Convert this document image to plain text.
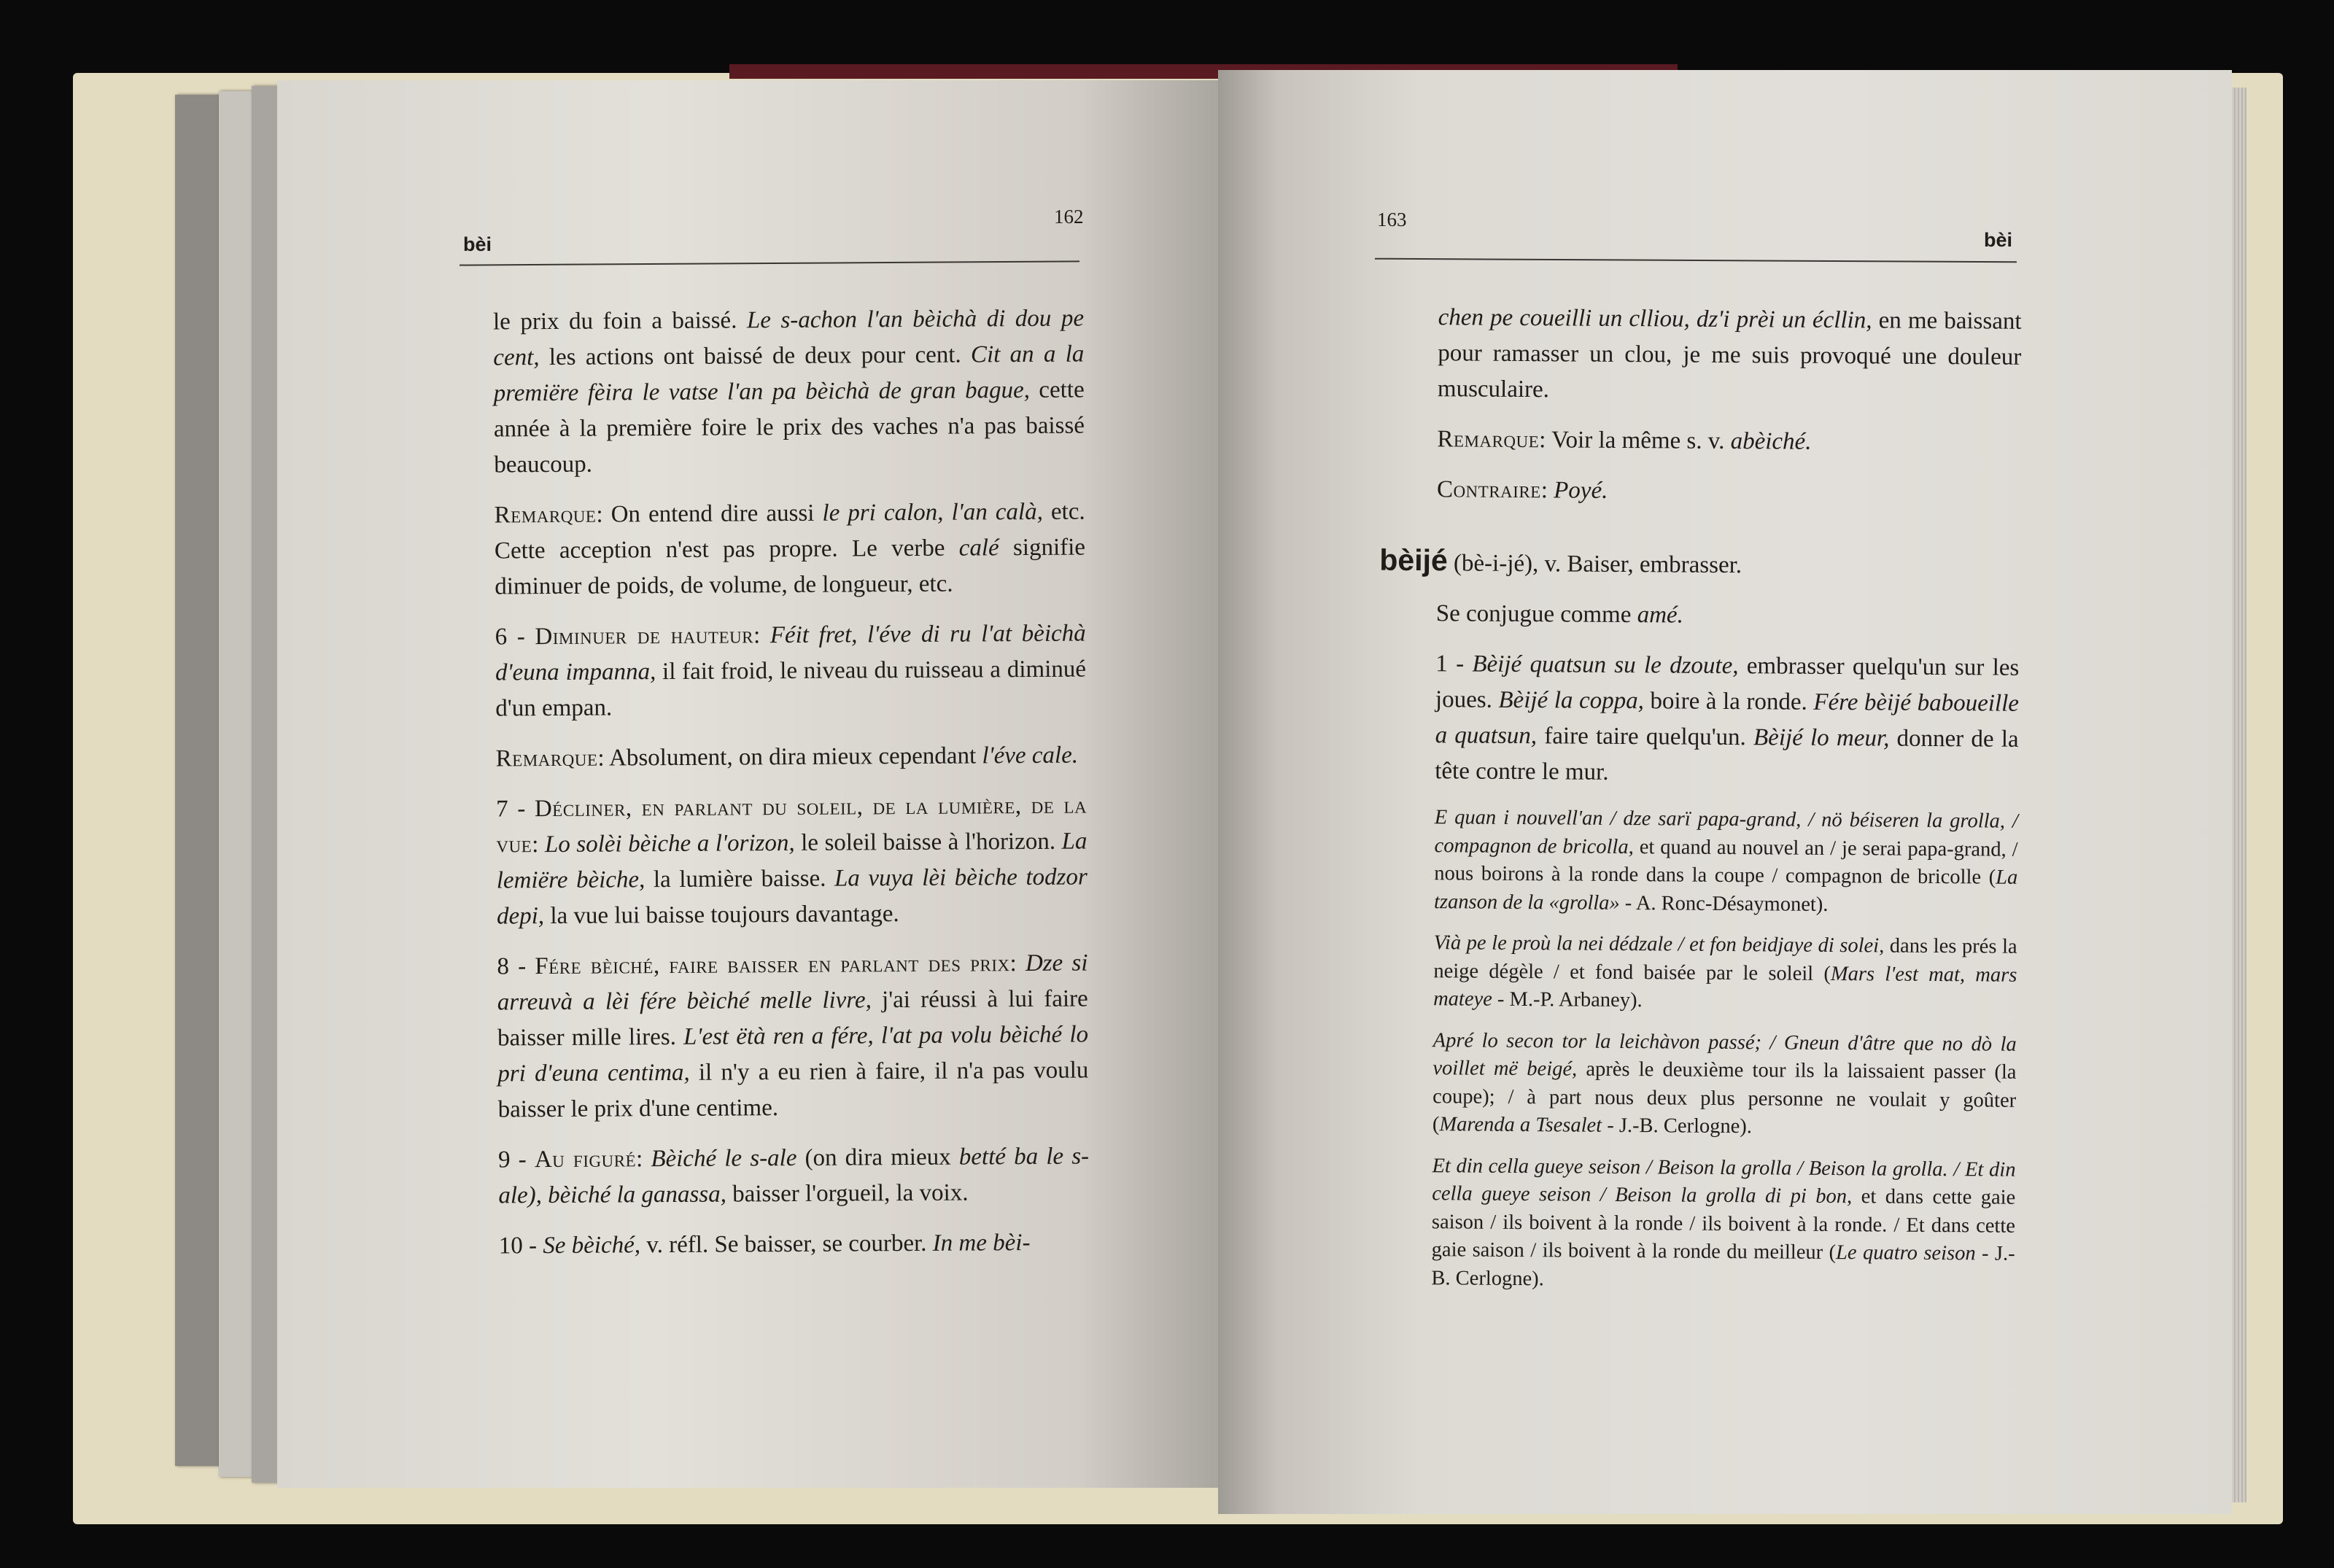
bèi
162

le prix du foin a baissé. Le s-achon l'an bèichà di dou pe cent, les actions ont baissé de deux pour cent. Cit an a la premiëre fèira le vatse l'an pa bèichà de gran bague, cette année à la première foire le prix des vaches n'a pas baissé beaucoup.

Remarque: On entend dire aussi le pri calon, l'an calà, etc. Cette acception n'est pas propre. Le verbe calé signifie diminuer de poids, de volume, de longueur, etc.

6 - Diminuer de hauteur: Féit fret, l'éve di ru l'at bèichà d'euna impanna, il fait froid, le niveau du ruisseau a diminué d'un empan.

Remarque: Absolument, on dira mieux cependant l'éve cale.

7 - Décliner, en parlant du soleil, de la lumière, de la vue: Lo solèi bèiche a l'orizon, le soleil baisse à l'horizon. La lemiëre bèiche, la lumière baisse. La vuya lèi bèiche todzor depi, la vue lui baisse toujours davantage.

8 - Fére bèiché, faire baisser en parlant des prix: Dze si arreuvà a lèi fére bèiché melle livre, j'ai réussi à lui faire baisser mille lires. L'est ëtà ren a fére, l'at pa volu bèiché lo pri d'euna centima, il n'y a eu rien à faire, il n'a pas voulu baisser le prix d'une centime.

9 - Au figuré: Bèiché le s-ale (on dira mieux betté ba le s-ale), bèiché la ganassa, baisser l'orgueil, la voix.

10 - Se bèiché, v. réfl. Se baisser, se courber. In me bèi-

163
bèi

chen pe coueilli un clliou, dz'i prèi un écllin, en me baissant pour ramasser un clou, je me suis provoqué une douleur musculaire.

Remarque: Voir la même s. v. abèiché.

Contraire: Poyé.

bèijé (bè-i-jé), v. Baiser, embrasser.

Se conjugue comme amé.

1 - Bèijé quatsun su le dzoute, embrasser quelqu'un sur les joues. Bèijé la coppa, boire à la ronde. Fére bèijé baboueille a quatsun, faire taire quelqu'un. Bèijé lo meur, donner de la tête contre le mur.

E quan i nouvell'an / dze sarï papa-grand, / nö béiseren la grolla, / compagnon de bricolla, et quand au nouvel an / je serai papa-grand, / nous boirons à la ronde dans la coupe / compagnon de bricolle (La tzanson de la «grolla» - A. Ronc-Désaymonet).

Vià pe le proù la nei dédzale / et fon beidjaye di solei, dans les prés la neige dégèle / et fond baisée par le soleil (Mars l'est mat, mars mateye - M.-P. Arbaney).

Apré lo secon tor la leichàvon passé; / Gneun d'âtre que no dò la voillet më beigé, après le deuxième tour ils la laissaient passer (la coupe); / à part nous deux plus personne ne voulait y goûter (Marenda a Tsesalet - J.-B. Cerlogne).

Et din cella gueye seison / Beison la grolla / Beison la grolla. / Et din cella gueye seison / Beison la grolla di pi bon, et dans cette gaie saison / ils boivent à la ronde / ils boivent à la ronde. / Et dans cette gaie saison / ils boivent à la ronde du meilleur (Le quatro seison - J.-B. Cerlogne).
